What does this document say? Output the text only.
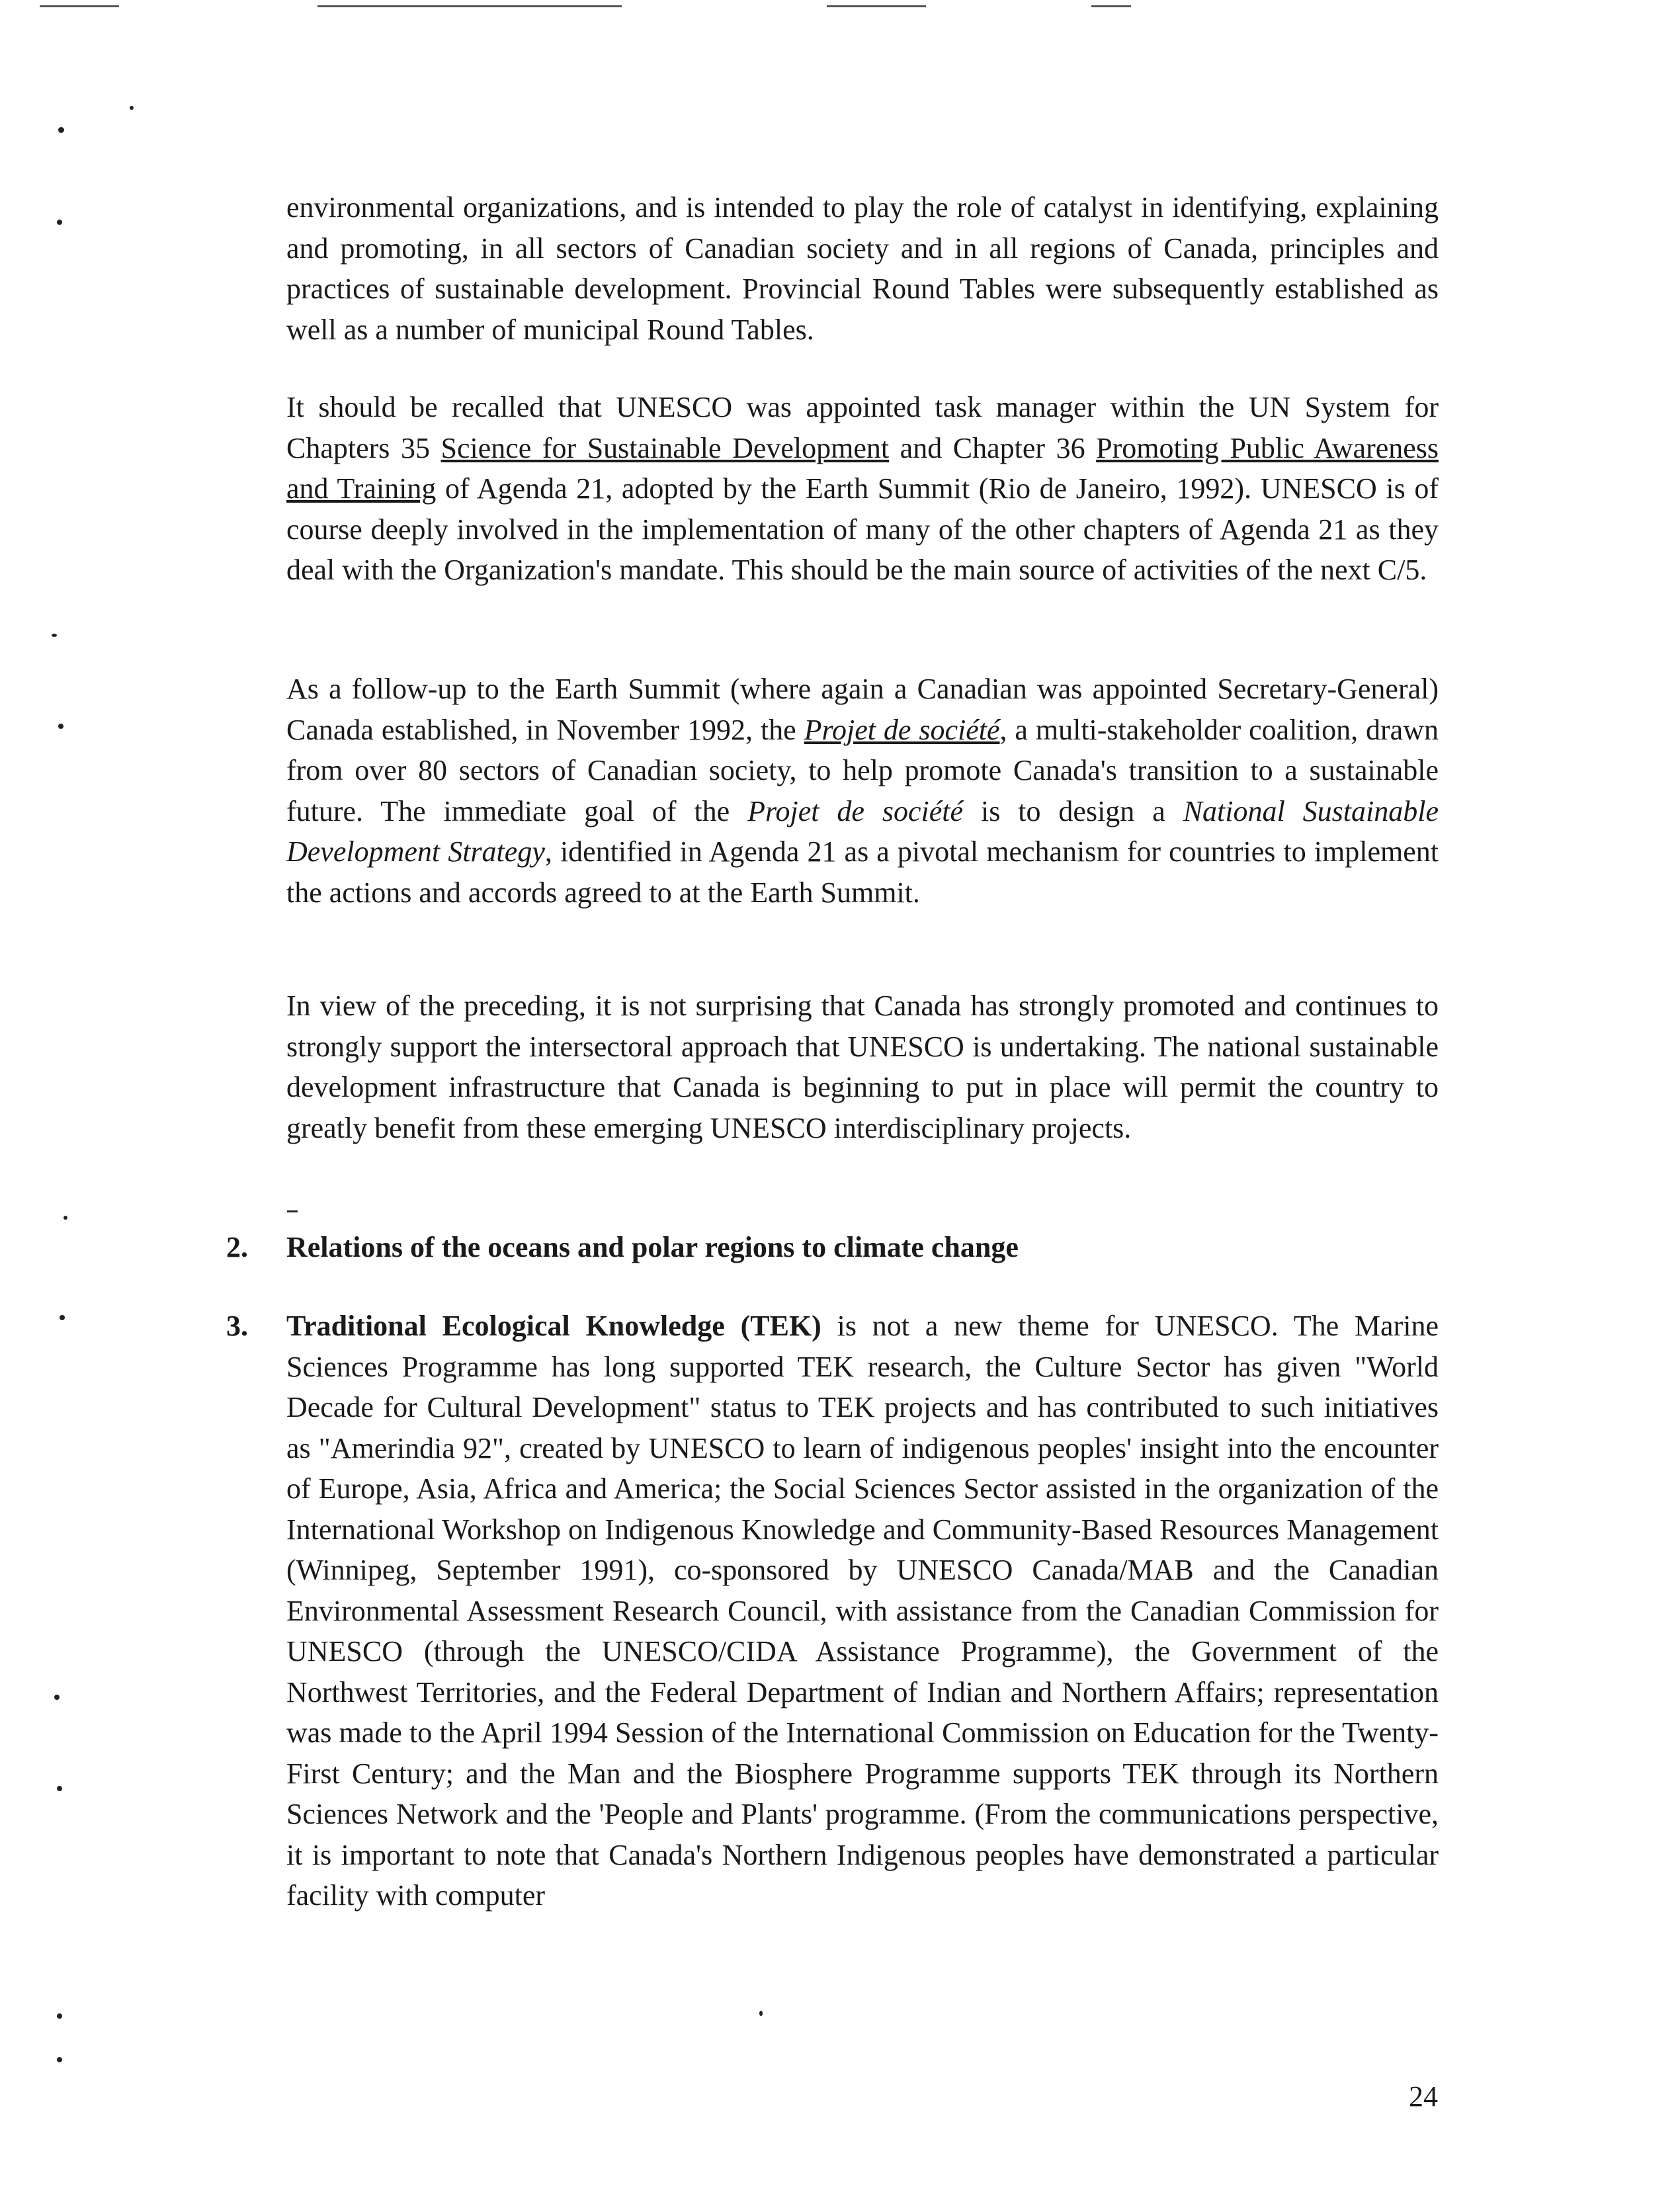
environmental organizations, and is intended to play the role of catalyst in identifying, explaining and promoting, in all sectors of Canadian society and in all regions of Canada, principles and practices of sustainable development. Provincial Round Tables were subsequently established as well as a number of municipal Round Tables.

It should be recalled that UNESCO was appointed task manager within the UN System for Chapters 35 Science for Sustainable Development and Chapter 36 Promoting Public Awareness and Training of Agenda 21, adopted by the Earth Summit (Rio de Janeiro, 1992). UNESCO is of course deeply involved in the implementation of many of the other chapters of Agenda 21 as they deal with the Organization's mandate. This should be the main source of activities of the next C/5.

As a follow-up to the Earth Summit (where again a Canadian was appointed Secretary-General) Canada established, in November 1992, the Projet de société, a multi-stakeholder coalition, drawn from over 80 sectors of Canadian society, to help promote Canada's transition to a sustainable future. The immediate goal of the Projet de société is to design a National Sustainable Development Strategy, identified in Agenda 21 as a pivotal mechanism for countries to implement the actions and accords agreed to at the Earth Summit.

In view of the preceding, it is not surprising that Canada has strongly promoted and continues to strongly support the intersectoral approach that UNESCO is undertaking. The national sustainable development infrastructure that Canada is beginning to put in place will permit the country to greatly benefit from these emerging UNESCO interdisciplinary projects.

2. Relations of the oceans and polar regions to climate change
3. Traditional Ecological Knowledge (TEK) is not a new theme for UNESCO. The Marine Sciences Programme has long supported TEK research, the Culture Sector has given "World Decade for Cultural Development" status to TEK projects and has contributed to such initiatives as "Amerindia 92", created by UNESCO to learn of indigenous peoples' insight into the encounter of Europe, Asia, Africa and America; the Social Sciences Sector assisted in the organization of the International Workshop on Indigenous Knowledge and Community-Based Resources Management (Winnipeg, September 1991), co-sponsored by UNESCO Canada/MAB and the Canadian Environmental Assessment Research Council, with assistance from the Canadian Commission for UNESCO (through the UNESCO/CIDA Assistance Programme), the Government of the Northwest Territories, and the Federal Department of Indian and Northern Affairs; representation was made to the April 1994 Session of the International Commission on Education for the Twenty-First Century; and the Man and the Biosphere Programme supports TEK through its Northern Sciences Network and the 'People and Plants' programme. (From the communications perspective, it is important to note that Canada's Northern Indigenous peoples have demonstrated a particular facility with computer
24
